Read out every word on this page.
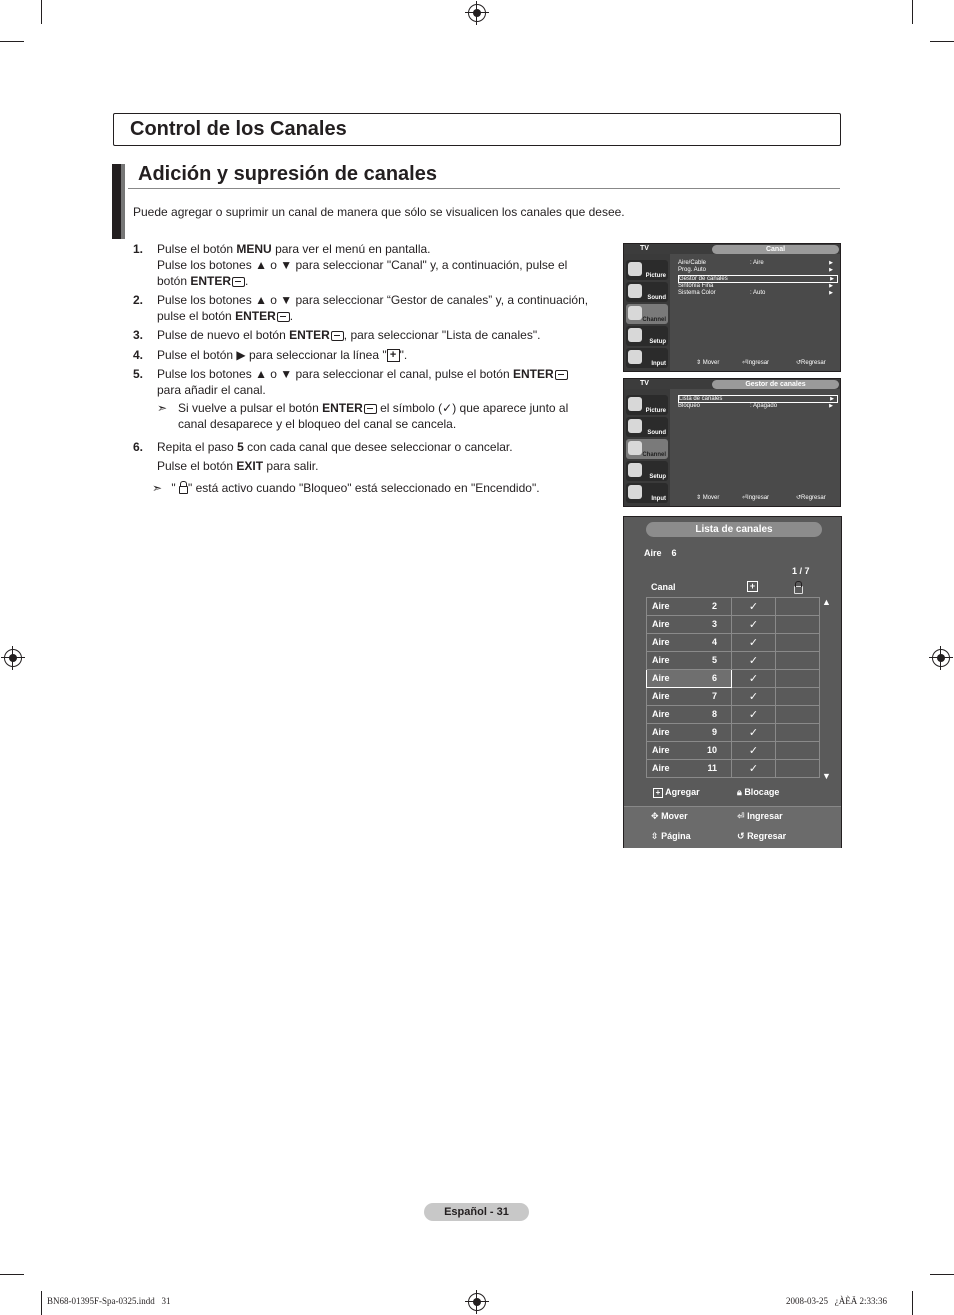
Control de los Canales
Adición y supresión de canales
Puede agregar o suprimir un canal de manera que sólo se visualicen los canales que desee.
1. Pulse el botón MENU para ver el menú en pantalla.
Pulse los botones ▲ o ▼ para seleccionar "Canal" y, a continuación, pulse el
botón ENTER .
2. Pulse los botones ▲ o ▼ para seleccionar “Gestor de canales” y, a continuación,
pulse el botón ENTER .
3. Pulse de nuevo el botón ENTER , para seleccionar "Lista de canales".
4. Pulse el botón ▶ para seleccionar la línea " + ".
5. Pulse los botones ▲ o ▼ para seleccionar el canal, pulse el botón ENTER
para añadir el canal.
➣ Si vuelve a pulsar el botón ENTER el símbolo (✓) que aparece junto al
canal desaparece y el bloqueo del canal se cancela.
6. Repita el paso 5 con cada canal que desee seleccionar o cancelar.
Pulse el botón EXIT para salir.
➣ " " está activo cuando "Bloqueo" está seleccionado en "Encendido".
TV	Canal
Picture
Sound
Channel
Setup
Input
Aire/Cable	: Aire	▶
Prog. Auto	▶
Gestor de canales	▶
Sintonía Fina	▶
Sistema Color	: Auto	▶
⇕ Mover	⏎Ingresar	↺Regresar
TV	Gestor de canales
Picture
Sound
Channel
Setup
Input
Lista de canales	▶
Bloqueo	: Apagado	▶
⇕ Mover	⏎Ingresar	↺Regresar
Lista de canales
Aire    6
1 / 7
Canal	+
Aire 2	✓	

Aire 3	✓	

Aire 4	✓	

Aire 5	✓	

Aire 6	✓	

Aire 7	✓	

Aire 8	✓	

Aire 9	✓	

Aire 10	✓	

Aire 11	✓	
▲
▼
+ Agregar	🔒︎ Blocage
✥ Mover	⏎ Ingresar
⇳ Página	↺ Regresar
Español - 31
BN68-01395F-Spa-0325.indd   31	2008-03-25   ¿ÀÈÄ 2:33:36
